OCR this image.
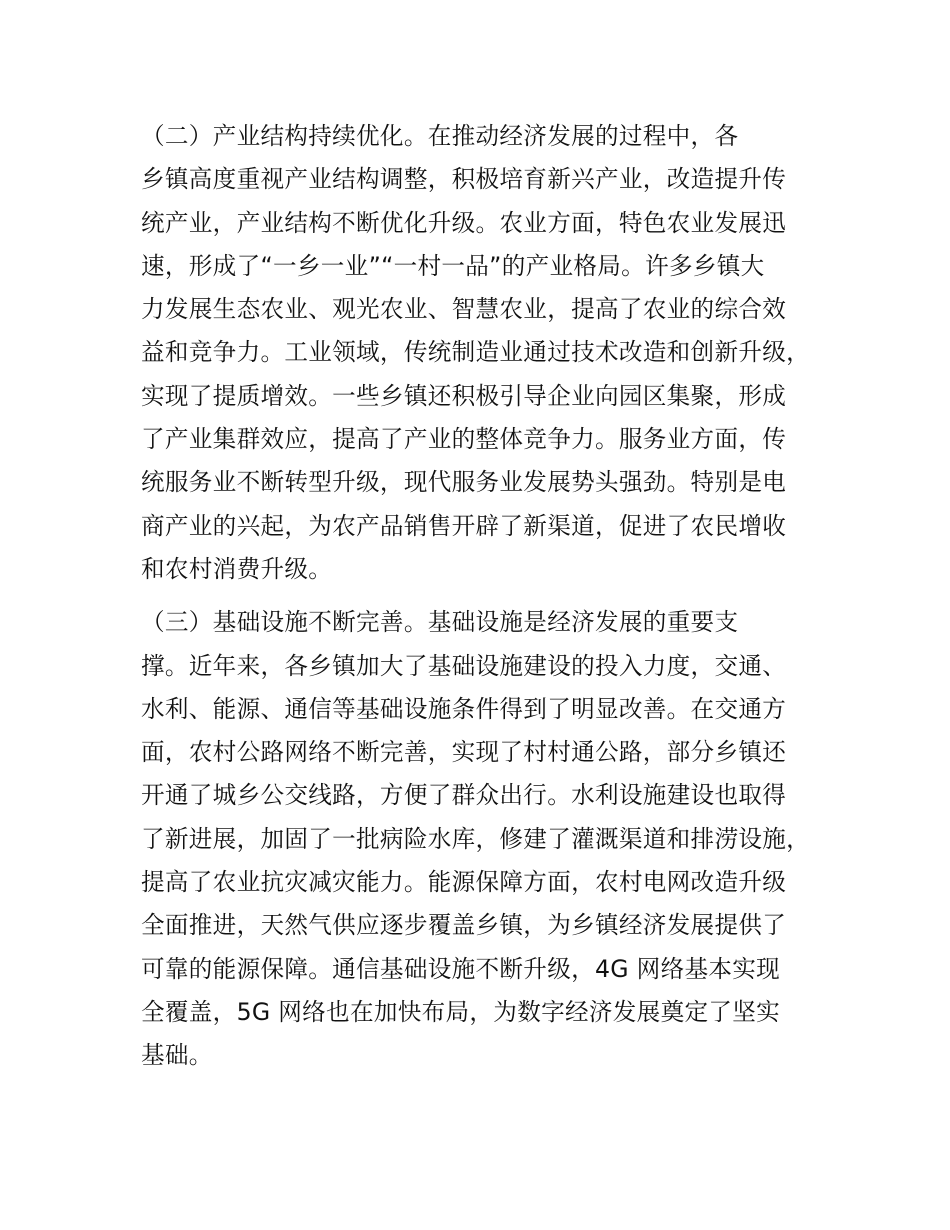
（二）产业结构持续优化。在推动经济发展的过程中，各
乡镇高度重视产业结构调整，积极培育新兴产业，改造提升传
统产业，产业结构不断优化升级。农业方面，特色农业发展迅
速，形成了“一乡一业”“一村一品”的产业格局。许多乡镇大
力发展生态农业、观光农业、智慧农业，提高了农业的综合效
益和竞争力。工业领域，传统制造业通过技术改造和创新升级，
实现了提质增效。一些乡镇还积极引导企业向园区集聚，形成
了产业集群效应，提高了产业的整体竞争力。服务业方面，传
统服务业不断转型升级，现代服务业发展势头强劲。特别是电
商产业的兴起，为农产品销售开辟了新渠道，促进了农民增收
和农村消费升级。

（三）基础设施不断完善。基础设施是经济发展的重要支
撑。近年来，各乡镇加大了基础设施建设的投入力度，交通、
水利、能源、通信等基础设施条件得到了明显改善。在交通方
面，农村公路网络不断完善，实现了村村通公路，部分乡镇还
开通了城乡公交线路，方便了群众出行。水利设施建设也取得
了新进展，加固了一批病险水库，修建了灌溉渠道和排涝设施，
提高了农业抗灾减灾能力。能源保障方面，农村电网改造升级
全面推进，天然气供应逐步覆盖乡镇，为乡镇经济发展提供了
可靠的能源保障。通信基础设施不断升级，4G 网络基本实现
全覆盖，5G 网络也在加快布局，为数字经济发展奠定了坚实
基础。
